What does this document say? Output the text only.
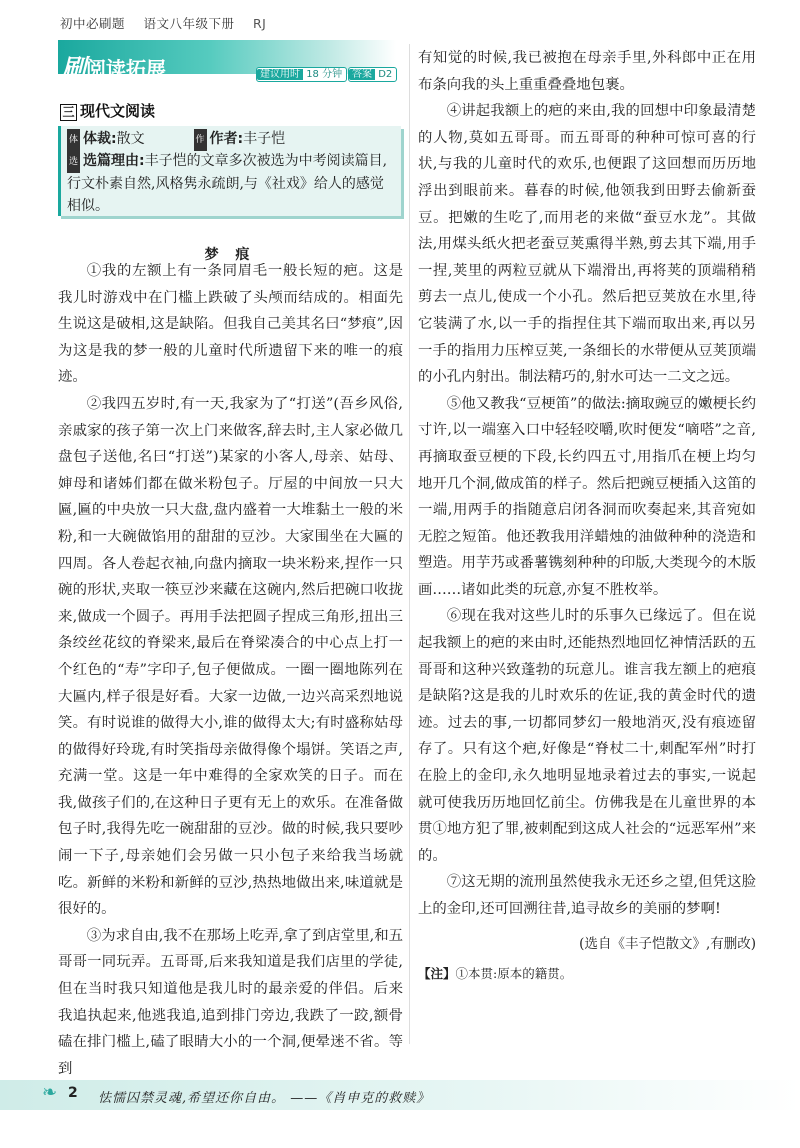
初中必刷题 语文八年级下册 RJ
刷阅读拓展	建议用时 18 分钟 答案 D2
三 现代文阅读
体 体裁:散文	作 作者:丰子恺
选 选篇理由:丰子恺的文章多次被选为中考阅读篇目,行文朴素自然,风格隽永疏朗,与《社戏》给人的感觉相似。
梦 痕

①我的左额上有一条同眉毛一般长短的疤。这是我儿时游戏中在门槛上跌破了头颅而结成的。相面先生说这是破相,这是缺陷。但我自己美其名曰“梦痕”,因为这是我的梦一般的儿童时代所遗留下来的唯一的痕迹。

②我四五岁时,有一天,我家为了“打送”(吾乡风俗,亲戚家的孩子第一次上门来做客,辞去时,主人家必做几盘包子送他,名曰“打送”)某家的小客人,母亲、姑母、婶母和诸姊们都在做米粉包子。厅屋的中间放一只大匾,匾的中央放一只大盘,盘内盛着一大堆黏土一般的米粉,和一大碗做馅用的甜甜的豆沙。大家围坐在大匾的四周。各人卷起衣袖,向盘内摘取一块米粉来,捏作一只碗的形状,夹取一筷豆沙来藏在这碗内,然后把碗口收拢来,做成一个圆子。再用手法把圆子捏成三角形,扭出三条绞丝花纹的脊梁来,最后在脊梁凑合的中心点上打一个红色的“寿”字印子,包子便做成。一圈一圈地陈列在大匾内,样子很是好看。大家一边做,一边兴高采烈地说笑。有时说谁的做得大小,谁的做得太大;有时盛称姑母的做得好玲珑,有时笑指母亲做得像个塌饼。笑语之声,充满一堂。这是一年中难得的全家欢笑的日子。而在我,做孩子们的,在这种日子更有无上的欢乐。在准备做包子时,我得先吃一碗甜甜的豆沙。做的时候,我只要吵闹一下子,母亲她们会另做一只小包子来给我当场就吃。新鲜的米粉和新鲜的豆沙,热热地做出来,味道就是很好的。

③为求自由,我不在那场上吃弄,拿了到店堂里,和五哥哥一同玩弄。五哥哥,后来我知道是我们店里的学徒,但在当时我只知道他是我儿时的最亲爱的伴侣。后来我追执起来,他逃我追,追到排门旁边,我跌了一跤,额骨磕在排门槛上,磕了眼睛大小的一个洞,便晕迷不省。等到

有知觉的时候,我已被抱在母亲手里,外科郎中正在用布条向我的头上重重叠叠地包裹。

④讲起我额上的疤的来由,我的回想中印象最清楚的人物,莫如五哥哥。而五哥哥的种种可惊可喜的行状,与我的儿童时代的欢乐,也便跟了这回想而历历地浮出到眼前来。暮春的时候,他领我到田野去偷新蚕豆。把嫩的生吃了,而用老的来做“蚕豆水龙”。其做法,用煤头纸火把老蚕豆荚熏得半熟,剪去其下端,用手一捏,荚里的两粒豆就从下端滑出,再将荚的顶端稍稍剪去一点儿,使成一个小孔。然后把豆荚放在水里,待它装满了水,以一手的指捏住其下端而取出来,再以另一手的指用力压榨豆荚,一条细长的水带便从豆荚顶端的小孔内射出。制法精巧的,射水可达一二文之远。

⑤他又教我“豆梗笛”的做法:摘取豌豆的嫩梗长约寸许,以一端塞入口中轻轻咬嚼,吹时便发“嘀嗒”之音,再摘取蚕豆梗的下段,长约四五寸,用指爪在梗上均匀地开几个洞,做成笛的样子。然后把豌豆梗插入这笛的一端,用两手的指随意启闭各洞而吹奏起来,其音宛如无腔之短笛。他还教我用洋蜡烛的油做种种的浇造和塑造。用芋艿或番薯镌刻种种的印版,大类现今的木版画……诸如此类的玩意,亦复不胜枚举。

⑥现在我对这些儿时的乐事久已缘远了。但在说起我额上的疤的来由时,还能热烈地回忆神情活跃的五哥哥和这种兴致蓬勃的玩意儿。谁言我左额上的疤痕是缺陷?这是我的儿时欢乐的佐证,我的黄金时代的遗迹。过去的事,一切都同梦幻一般地消灭,没有痕迹留存了。只有这个疤,好像是“脊杖二十,刺配军州”时打在脸上的金印,永久地明显地录着过去的事实,一说起就可使我历历地回忆前尘。仿佛我是在儿童世界的本贯①地方犯了罪,被刺配到这成人社会的“远恶军州”来的。

⑦这无期的流刑虽然使我永无还乡之望,但凭这脸上的金印,还可回溯往昔,追寻故乡的美丽的梦啊!

(选自《丰子恺散文》,有删改)
【注】①本贯:原本的籍贯。
❧ 2 怯懦囚禁灵魂,希望还你自由。 ——《肖申克的救赎》
